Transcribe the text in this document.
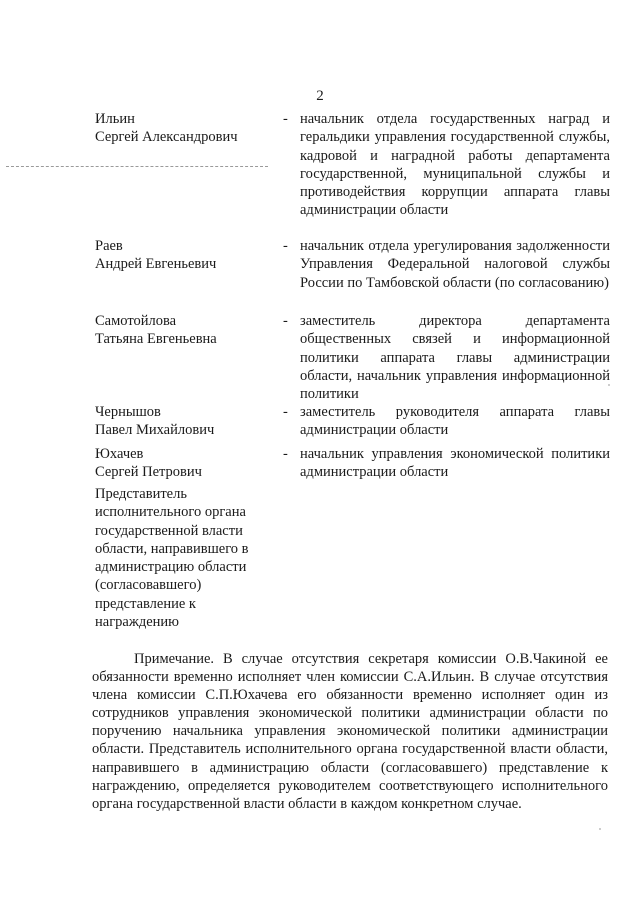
2
Ильин
Сергей Александрович
- начальник отдела государственных наград и геральдики управления государственной службы, кадровой и наградной работы департамента государственной, муниципальной службы и противодействия коррупции аппарата главы администрации области
Раев
Андрей Евгеньевич
- начальник отдела урегулирования задолженности Управления Федеральной налоговой службы России по Тамбовской области (по согласованию)
Самотойлова
Татьяна Евгеньевна
- заместитель директора департамента общественных связей и информационной политики аппарата главы администрации области, начальник управления информационной политики
Чернышов
Павел Михайлович
- заместитель руководителя аппарата главы администрации области
Юхачев
Сергей Петрович
- начальник управления экономической политики администрации области
Представитель
исполнительного органа
государственной власти
области, направившего в
администрацию области
(согласовавшего)
представление к
награждению
Примечание. В случае отсутствия секретаря комиссии О.В.Чакиной ее обязанности временно исполняет член комиссии С.А.Ильин. В случае отсутствия члена комиссии С.П.Юхачева его обязанности временно исполняет один из сотрудников управления экономической политики администрации области по поручению начальника управления экономической политики администрации области. Представитель исполнительного органа государственной власти области, направившего в администрацию области (согласовавшего) представление к награждению, определяется руководителем соответствующего исполнительного органа государственной власти области в каждом конкретном случае.
